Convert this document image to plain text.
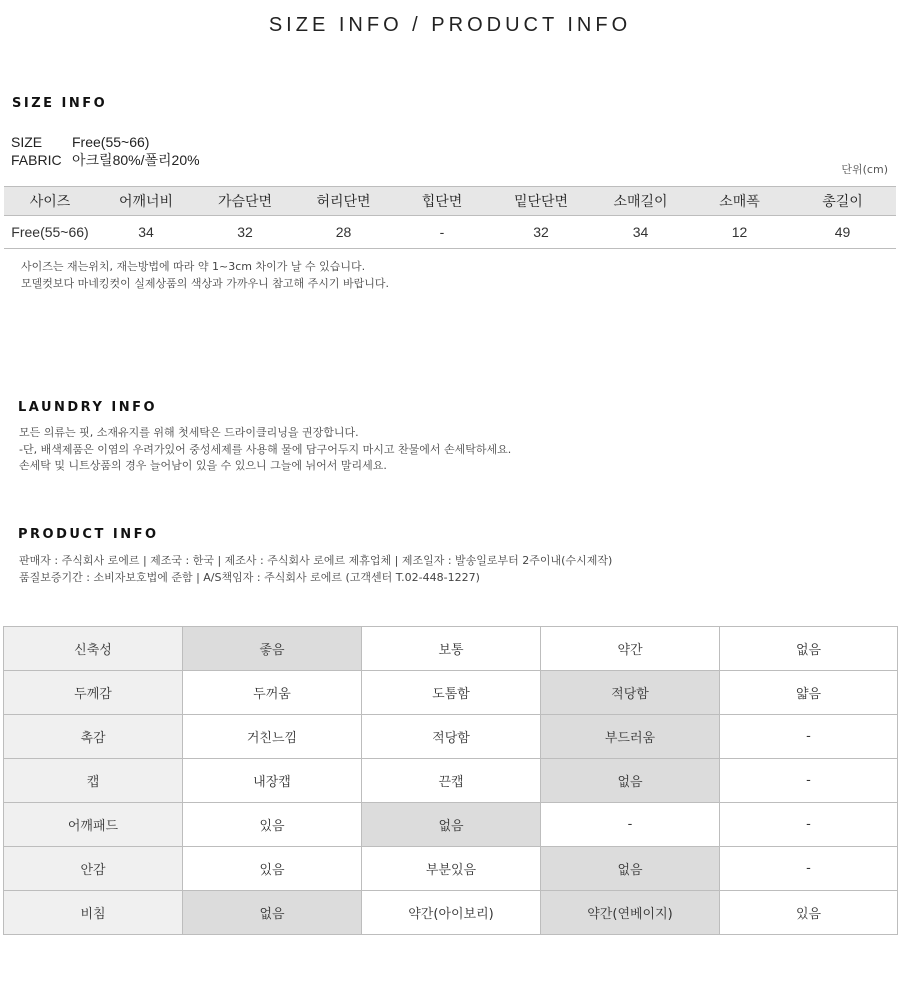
SIZE INFO / PRODUCT INFO
SIZE INFO
SIZE Free(55~66)
FABRIC 아크릴80%/폴리20%
단위(cm)
사이즈	어깨너비	가슴단면	허리단면	힙단면	밑단단면	소매길이	소매폭	총길이
Free(55~66)	34	32	28	-	32	34	12	49
사이즈는 재는위치, 재는방법에 따라 약 1~3cm 차이가 날 수 있습니다.
모델컷보다 마네킹컷이 실제상품의 색상과 가까우니 참고해 주시기 바랍니다.
LAUNDRY INFO
모든 의류는 핏, 소재유지를 위해 첫세탁은 드라이클리닝을 권장합니다.
-단, 배색제품은 이염의 우려가있어 중성세제를 사용해 물에 담구어두지 마시고 찬물에서 손세탁하세요.
손세탁 및 니트상품의 경우 늘어남이 있을 수 있으니 그늘에 뉘어서 말리세요.
PRODUCT INFO
판매자 : 주식회사 로에르 | 제조국 : 한국 | 제조사 : 주식회사 로에르 제휴업체 | 제조일자 : 발송일로부터 2주이내(수시제작)
품질보증기간 : 소비자보호법에 준함 | A/S책임자 : 주식회사 로에르 (고객센터 T.02-448-1227)
신축성	좋음	보통	약간	없음
두께감	두꺼움	도톰함	적당함	얇음
촉감	거친느낌	적당함	부드러움	-
캡	내장캡	끈캡	없음	-
어깨패드	있음	없음	-	-
안감	있음	부분있음	없음	-
비침	없음	약간(아이보리)	약간(연베이지)	있음
